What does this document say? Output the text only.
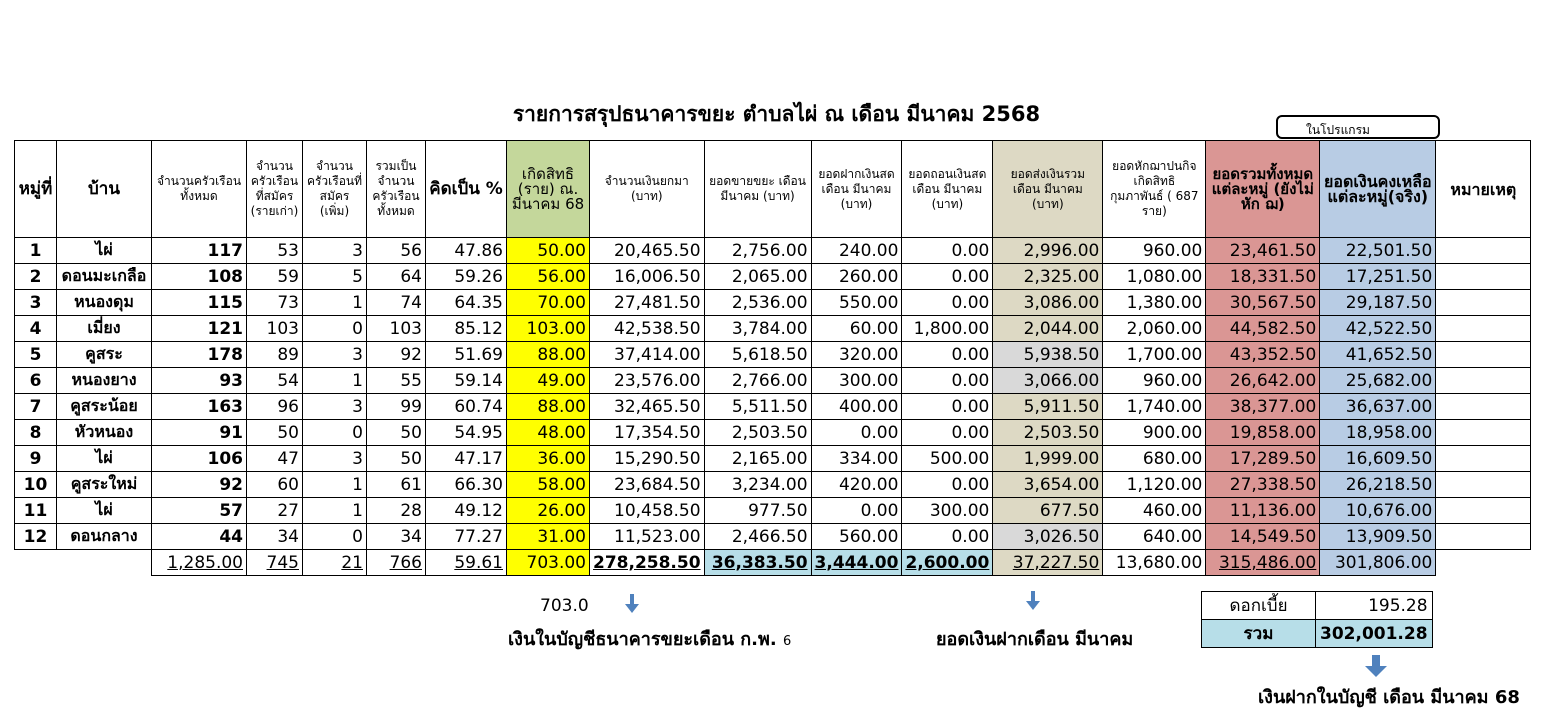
รายการสรุปธนาคารขยะ ตำบลไผ่ ณ เดือน มีนาคม 2568
ในโปรแกรม
หมู่ที่	บ้าน	จำนวนครัวเรือนทั้งหมด	จำนวนครัวเรือนที่สมัคร (รายเก่า)	จำนวนครัวเรือนที่สมัคร (เพิ่ม)	รวมเป็นจำนวนครัวเรือนทั้งหมด	คิดเป็น %	เกิดสิทธิ (ราย) ณ. มีนาคม 68	จำนวนเงินยกมา (บาท)	ยอดขายขยะ เดือน มีนาคม (บาท)	ยอดฝากเงินสดเดือน มีนาคม (บาท)	ยอดถอนเงินสดเดือน มีนาคม (บาท)	ยอดส่งเงินรวม เดือน มีนาคม (บาท)	ยอดหักฌาปนกิจเกิดสิทธิ กุมภาพันธ์ ( 687 ราย)	ยอดรวมทั้งหมด แต่ละหมู่ (ยังไม่หัก ฌ)	ยอดเงินคงเหลือแต่ละหมู่(จริง)	หมายเหตุ
1	ไผ่	117	53	3	56	47.86	50.00	20,465.50	2,756.00	240.00	0.00	2,996.00	960.00	23,461.50	22,501.50	
2	ดอนมะเกลือ	108	59	5	64	59.26	56.00	16,006.50	2,065.00	260.00	0.00	2,325.00	1,080.00	18,331.50	17,251.50	
3	หนองดุม	115	73	1	74	64.35	70.00	27,481.50	2,536.00	550.00	0.00	3,086.00	1,380.00	30,567.50	29,187.50	
4	เมี่ยง	121	103	0	103	85.12	103.00	42,538.50	3,784.00	60.00	1,800.00	2,044.00	2,060.00	44,582.50	42,522.50	
5	คูสระ	178	89	3	92	51.69	88.00	37,414.00	5,618.50	320.00	0.00	5,938.50	1,700.00	43,352.50	41,652.50	
6	หนองยาง	93	54	1	55	59.14	49.00	23,576.00	2,766.00	300.00	0.00	3,066.00	960.00	26,642.00	25,682.00	
7	คูสระน้อย	163	96	3	99	60.74	88.00	32,465.50	5,511.50	400.00	0.00	5,911.50	1,740.00	38,377.00	36,637.00	
8	หัวหนอง	91	50	0	50	54.95	48.00	17,354.50	2,503.50	0.00	0.00	2,503.50	900.00	19,858.00	18,958.00	
9	ไผ่	106	47	3	50	47.17	36.00	15,290.50	2,165.00	334.00	500.00	1,999.00	680.00	17,289.50	16,609.50	
10	คูสระใหม่	92	60	1	61	66.30	58.00	23,684.50	3,234.00	420.00	0.00	3,654.00	1,120.00	27,338.50	26,218.50	
11	ไผ่	57	27	1	28	49.12	26.00	10,458.50	977.50	0.00	300.00	677.50	460.00	11,136.00	10,676.00	
12	ดอนกลาง	44	34	0	34	77.27	31.00	11,523.00	2,466.50	560.00	0.00	3,026.50	640.00	14,549.50	13,909.50	
		1,285.00	745	21	766	59.61	703.00	278,258.50	36,383.50	3,444.00	2,600.00	37,227.50	13,680.00	315,486.00	301,806.00	
703.0
เงินในบัญชีธนาคารขยะเดือน ก.พ. 6	ยอดเงินฝากเดือน มีนาคม
ดอกเบี้ย	195.28
รวม	302,001.28
เงินฝากในบัญชี เดือน มีนาคม 68
